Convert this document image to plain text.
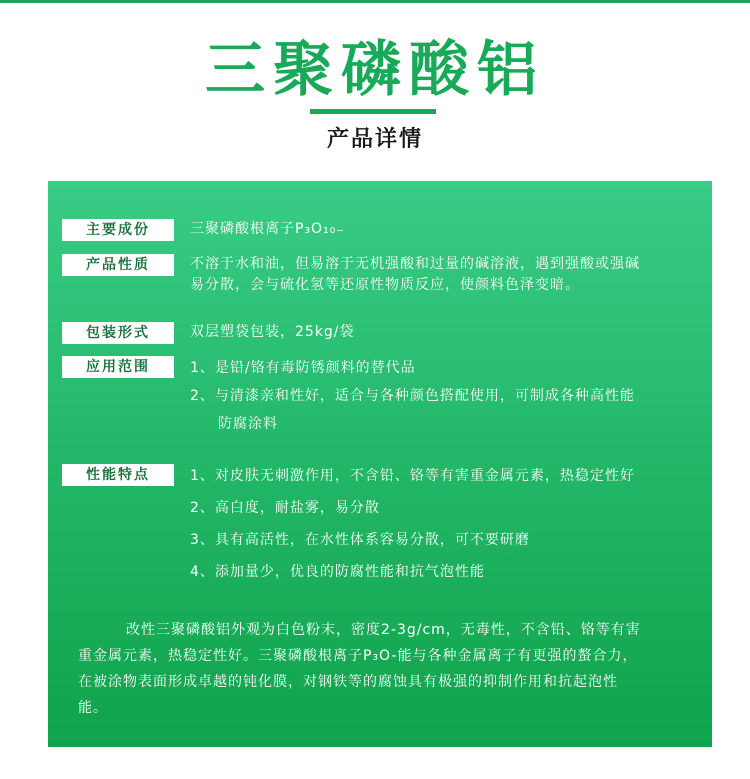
三聚磷酸铝
产品详情
主要成份	三聚磷酸根离子P₃O₁₀₋
产品性质	不溶于水和油，但易溶于无机强酸和过量的碱溶液，遇到强酸或强碱
易分散，会与硫化氢等还原性物质反应，使颜料色泽变暗。
包装形式	双层塑袋包装，25kg/袋
应用范围	1、是铅/铬有毒防锈颜料的替代品
2、与清漆亲和性好，适合与各种颜色搭配使用，可制成各种高性能
防腐涂料
性能特点	1、对皮肤无刺激作用，不含铅、铬等有害重金属元素，热稳定性好
2、高白度，耐盐雾，易分散
3、具有高活性，在水性体系容易分散，可不要研磨
4、添加量少，优良的防腐性能和抗气泡性能
改性三聚磷酸铝外观为白色粉末，密度2-3g/cm，无毒性，不含铅、铬等有害
重金属元素，热稳定性好。三聚磷酸根离子P₃O-能与各种金属离子有更强的螯合力，
在被涂物表面形成卓越的钝化膜，对钢铁等的腐蚀具有极强的抑制作用和抗起泡性
能。
